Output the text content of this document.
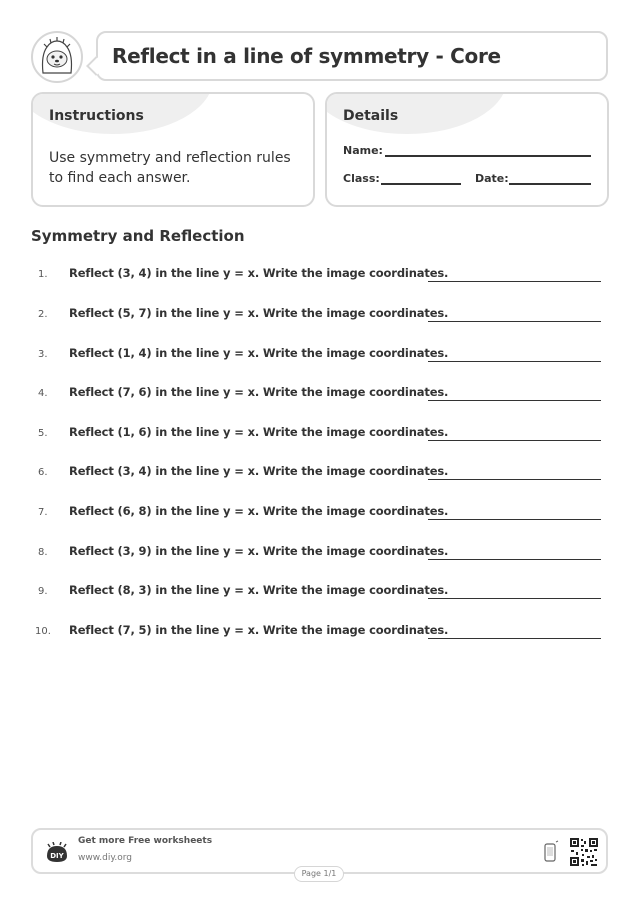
Reflect in a line of symmetry - Core
Instructions
Use symmetry and reflection rules to find each answer.
Details
Name:
Class:	Date:
Symmetry and Reflection
1. Reflect (3, 4) in the line y = x. Write the image coordinates.
2. Reflect (5, 7) in the line y = x. Write the image coordinates.
3. Reflect (1, 4) in the line y = x. Write the image coordinates.
4. Reflect (7, 6) in the line y = x. Write the image coordinates.
5. Reflect (1, 6) in the line y = x. Write the image coordinates.
6. Reflect (3, 4) in the line y = x. Write the image coordinates.
7. Reflect (6, 8) in the line y = x. Write the image coordinates.
8. Reflect (3, 9) in the line y = x. Write the image coordinates.
9. Reflect (8, 3) in the line y = x. Write the image coordinates.
10. Reflect (7, 5) in the line y = x. Write the image coordinates.
DIY
Get more Free worksheets
www.diy.org
Page 1/1
